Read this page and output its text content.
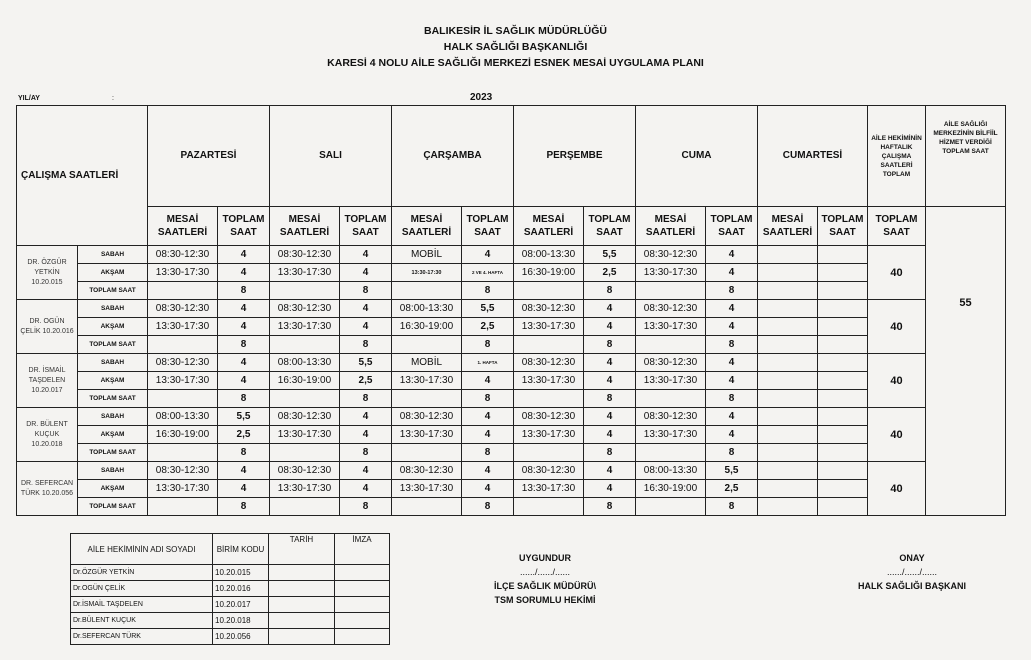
BALIKESİR İL SAĞLIK MÜDÜRLÜĞÜ
HALK SAĞLIĞI BAŞKANLIĞI
KARESİ 4 NOLU AİLE SAĞLIĞI MERKEZİ ESNEK MESAİ UYGULAMA PLANI
YIL/AY	:	2023
ÇALIŞMA SAATLERİ		PAZARTESİ		SALI		ÇARŞAMBA		PERŞEMBE		CUMA		CUMARTESİ		AİLE HEKİMİNİN HAFTALIK ÇALIŞMA SAATLERİ TOPLAM	AİLE SAĞLIĞI MERKEZİNİN BİLFİİL HİZMET VERDİĞİ TOPLAM SAAT
		MESAİ SAATLERİ	TOPLAM SAAT	MESAİ SAATLERİ	TOPLAM SAAT	MESAİ SAATLERİ	TOPLAM SAAT	MESAİ SAATLERİ	TOPLAM SAAT	MESAİ SAATLERİ	TOPLAM SAAT	MESAİ SAATLERİ	TOPLAM SAAT	TOPLAM SAAT	55
DR. ÖZGÜR YETKİN 10.20.015	SABAH	08:30-12:30	4	08:30-12:30	4	MOBİL	4	08:00-13:30	5,5	08:30-12:30	4			40	
	AKŞAM	13:30-17:30	4	13:30-17:30	4	13:30-17:30	2 VE 4. HAFTA	16:30-19:00	2,5	13:30-17:30	4				
	TOPLAM SAAT		8		8		8		8		8				
DR. OGÜN ÇELİK 10.20.016	SABAH	08:30-12:30	4	08:30-12:30	4	08:00-13:30	5,5	08:30-12:30	4	08:30-12:30	4			40	
	AKŞAM	13:30-17:30	4	13:30-17:30	4	16:30-19:00	2,5	13:30-17:30	4	13:30-17:30	4				
	TOPLAM SAAT		8		8		8		8		8				
DR. İSMAİL TAŞDELEN 10.20.017	SABAH	08:30-12:30	4	08:00-13:30	5,5	MOBİL	1. HAFTA	08:30-12:30	4	08:30-12:30	4			40	
	AKŞAM	13:30-17:30	4	16:30-19:00	2,5	13:30-17:30	4	13:30-17:30	4	13:30-17:30	4				
	TOPLAM SAAT		8		8		8		8		8				
DR. BÜLENT KUÇUK 10.20.018	SABAH	08:00-13:30	5,5	08:30-12:30	4	08:30-12:30	4	08:30-12:30	4	08:30-12:30	4			40	
	AKŞAM	16:30-19:00	2,5	13:30-17:30	4	13:30-17:30	4	13:30-17:30	4	13:30-17:30	4				
	TOPLAM SAAT		8		8		8		8		8				
DR. SEFERCAN TÜRK 10.20.056	SABAH	08:30-12:30	4	08:30-12:30	4	08:30-12:30	4	08:30-12:30	4	08:00-13:30	5,5			40	
	AKŞAM	13:30-17:30	4	13:30-17:30	4	13:30-17:30	4	13:30-17:30	4	16:30-19:00	2,5				
	TOPLAM SAAT		8		8		8		8		8				
AİLE HEKİMİNİN ADI SOYADI	BİRİM KODU	TARİH	İMZA
Dr.ÖZGÜR YETKİN	10.20.015		
Dr.OGÜN ÇELİK	10.20.016		
Dr.İSMAİL TAŞDELEN	10.20.017		
Dr.BÜLENT KUÇUK	10.20.018		
Dr.SEFERCAN TÜRK	10.20.056		
UYGUNDUR
....../....../......
İLÇE SAĞLIK MÜDÜRÜ\
TSM SORUMLU HEKİMİ
ONAY
....../....../......
HALK SAĞLIĞI BAŞKANI
